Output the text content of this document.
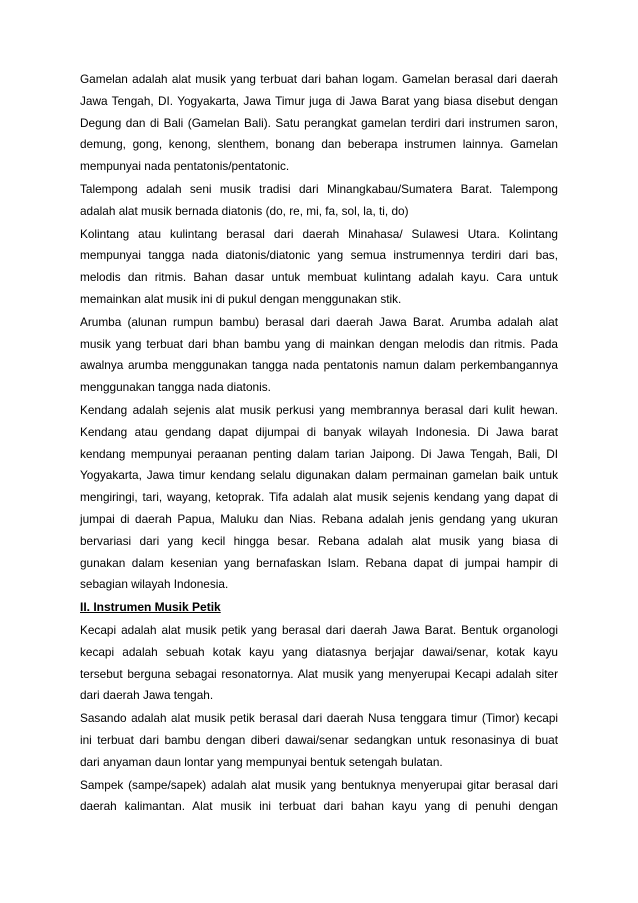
Gamelan adalah alat musik yang terbuat dari bahan logam. Gamelan berasal dari daerah
Jawa Tengah, DI. Yogyakarta, Jawa Timur juga di Jawa Barat yang biasa disebut dengan
Degung dan di Bali (Gamelan Bali). Satu perangkat gamelan terdiri dari instrumen saron,
demung, gong, kenong, slenthem, bonang dan beberapa instrumen lainnya. Gamelan
mempunyai nada pentatonis/pentatonic.
Talempong adalah seni musik tradisi dari Minangkabau/Sumatera Barat. Talempong
adalah alat musik bernada diatonis (do, re, mi, fa, sol, la, ti, do)
Kolintang atau kulintang berasal dari daerah Minahasa/ Sulawesi Utara. Kolintang
mempunyai tangga nada diatonis/diatonic yang semua instrumennya terdiri dari bas,
melodis dan ritmis. Bahan dasar untuk membuat kulintang adalah kayu. Cara untuk
memainkan alat musik ini di pukul dengan menggunakan stik.
Arumba (alunan rumpun bambu) berasal dari daerah Jawa Barat. Arumba adalah alat
musik yang terbuat dari bhan bambu yang di mainkan dengan melodis dan ritmis. Pada
awalnya arumba menggunakan tangga nada pentatonis namun dalam perkembangannya
menggunakan tangga nada diatonis.
Kendang adalah sejenis alat musik perkusi yang membrannya berasal dari kulit hewan.
Kendang atau gendang dapat dijumpai di banyak wilayah Indonesia. Di Jawa barat
kendang mempunyai peraanan penting dalam tarian Jaipong. Di Jawa Tengah, Bali, DI
Yogyakarta, Jawa timur kendang selalu digunakan dalam permainan gamelan baik untuk
mengiringi, tari, wayang, ketoprak. Tifa adalah alat musik sejenis kendang yang dapat di
jumpai di daerah Papua, Maluku dan Nias. Rebana adalah jenis gendang yang ukuran
bervariasi dari yang kecil hingga besar. Rebana adalah alat musik yang biasa di
gunakan dalam kesenian yang bernafaskan Islam. Rebana dapat di jumpai hampir di
sebagian wilayah Indonesia.
II. Instrumen Musik Petik
Kecapi adalah alat musik petik yang berasal dari daerah Jawa Barat. Bentuk organologi
kecapi adalah sebuah kotak kayu yang diatasnya berjajar dawai/senar, kotak kayu
tersebut berguna sebagai resonatornya. Alat musik yang menyerupai Kecapi adalah siter
dari daerah Jawa tengah.
Sasando adalah alat musik petik berasal dari daerah Nusa tenggara timur (Timor) kecapi
ini terbuat dari bambu dengan diberi dawai/senar sedangkan untuk resonasinya di buat
dari anyaman daun lontar yang mempunyai bentuk setengah bulatan.
Sampek (sampe/sapek) adalah alat musik yang bentuknya menyerupai gitar berasal dari
daerah kalimantan. Alat musik ini terbuat dari bahan kayu yang di penuhi dengan
